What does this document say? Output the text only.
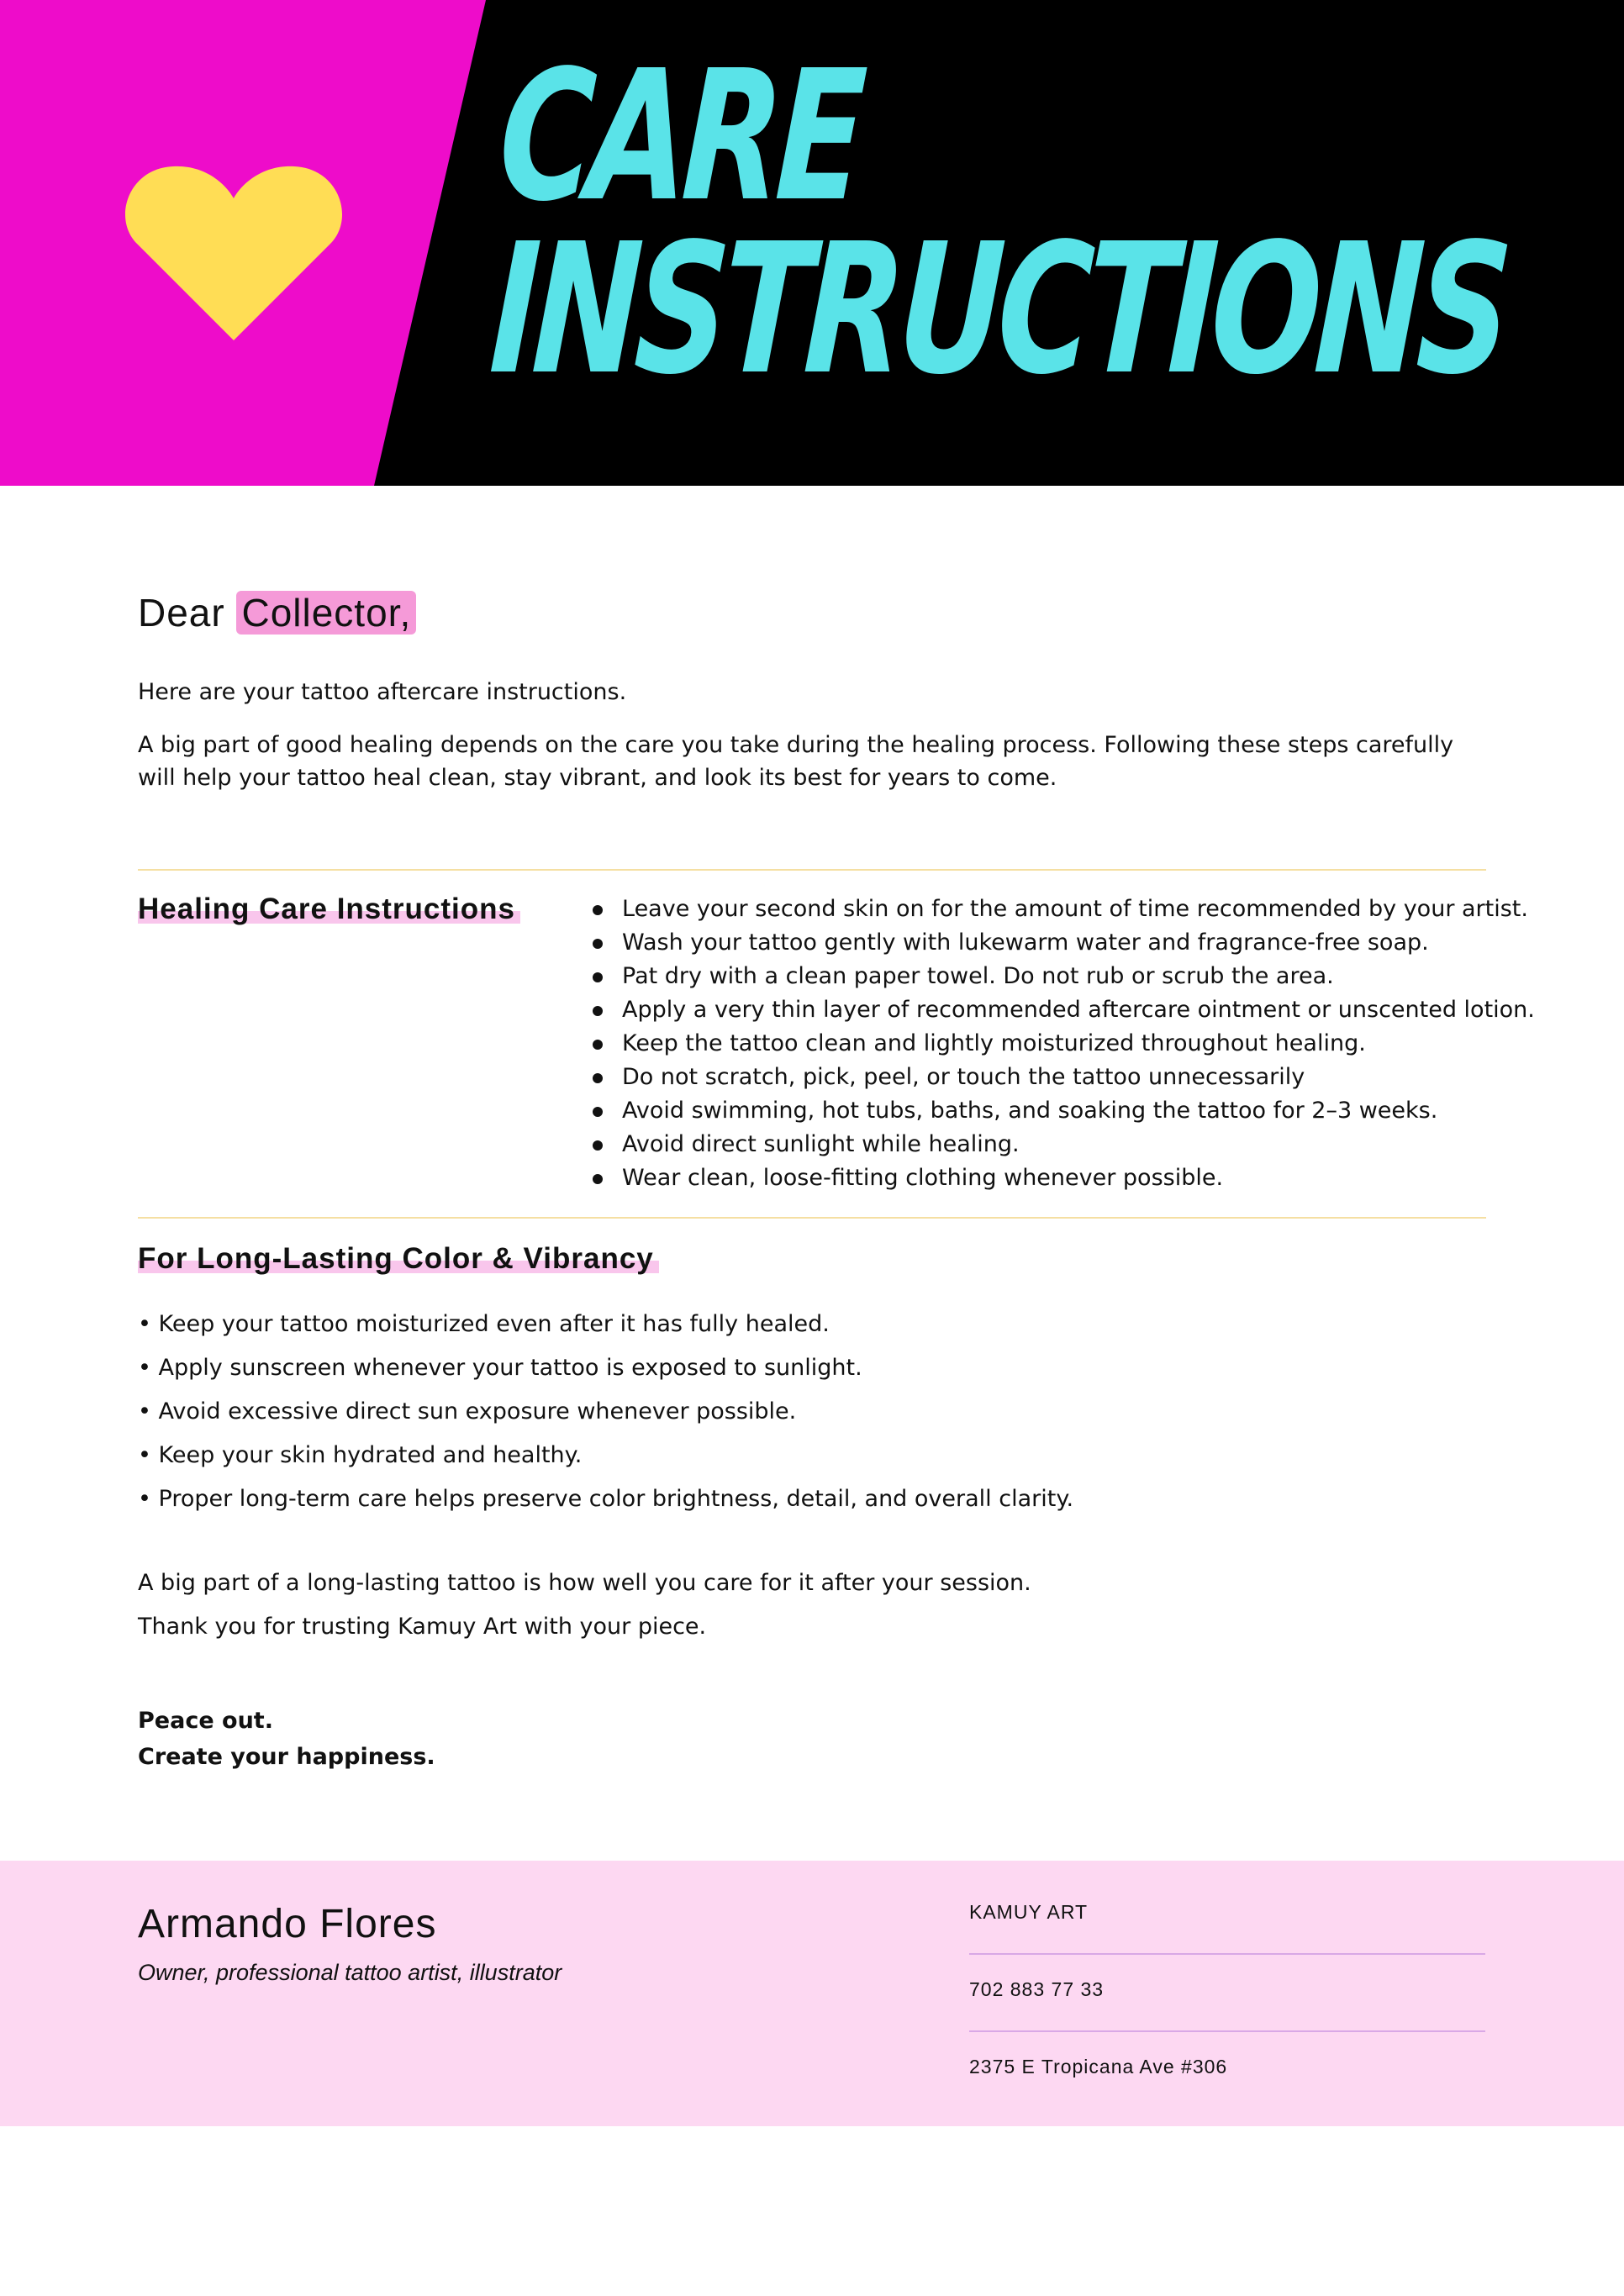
CARE
INSTRUCTIONS
Dear Collector,

Here are your tattoo aftercare instructions.

A big part of good healing depends on the care you take during the healing process. Following these steps carefully will help your tattoo heal clean, stay vibrant, and look its best for years to come.

Healing Care Instructions	Leave your second skin on for the amount of time recommended by your artist.
Wash your tattoo gently with lukewarm water and fragrance-free soap.
Pat dry with a clean paper towel. Do not rub or scrub the area.
Apply a very thin layer of recommended aftercare ointment or unscented lotion.
Keep the tattoo clean and lightly moisturized throughout healing.
Do not scratch, pick, peel, or touch the tattoo unnecessarily
Avoid swimming, hot tubs, baths, and soaking the tattoo for 2–3 weeks.
Avoid direct sunlight while healing.
Wear clean, loose-fitting clothing whenever possible.
For Long-Lasting Color & Vibrancy
• Keep your tattoo moisturized even after it has fully healed.
• Apply sunscreen whenever your tattoo is exposed to sunlight.
• Avoid excessive direct sun exposure whenever possible.
• Keep your skin hydrated and healthy.
• Proper long-term care helps preserve color brightness, detail, and overall clarity.

A big part of a long-lasting tattoo is how well you care for it after your session.

Thank you for trusting Kamuy Art with your piece.

Peace out.
Create your happiness.
Armando Flores
Owner, professional tattoo artist, illustrator
KAMUY ART
702 883 77 33
2375 E Tropicana Ave #306
